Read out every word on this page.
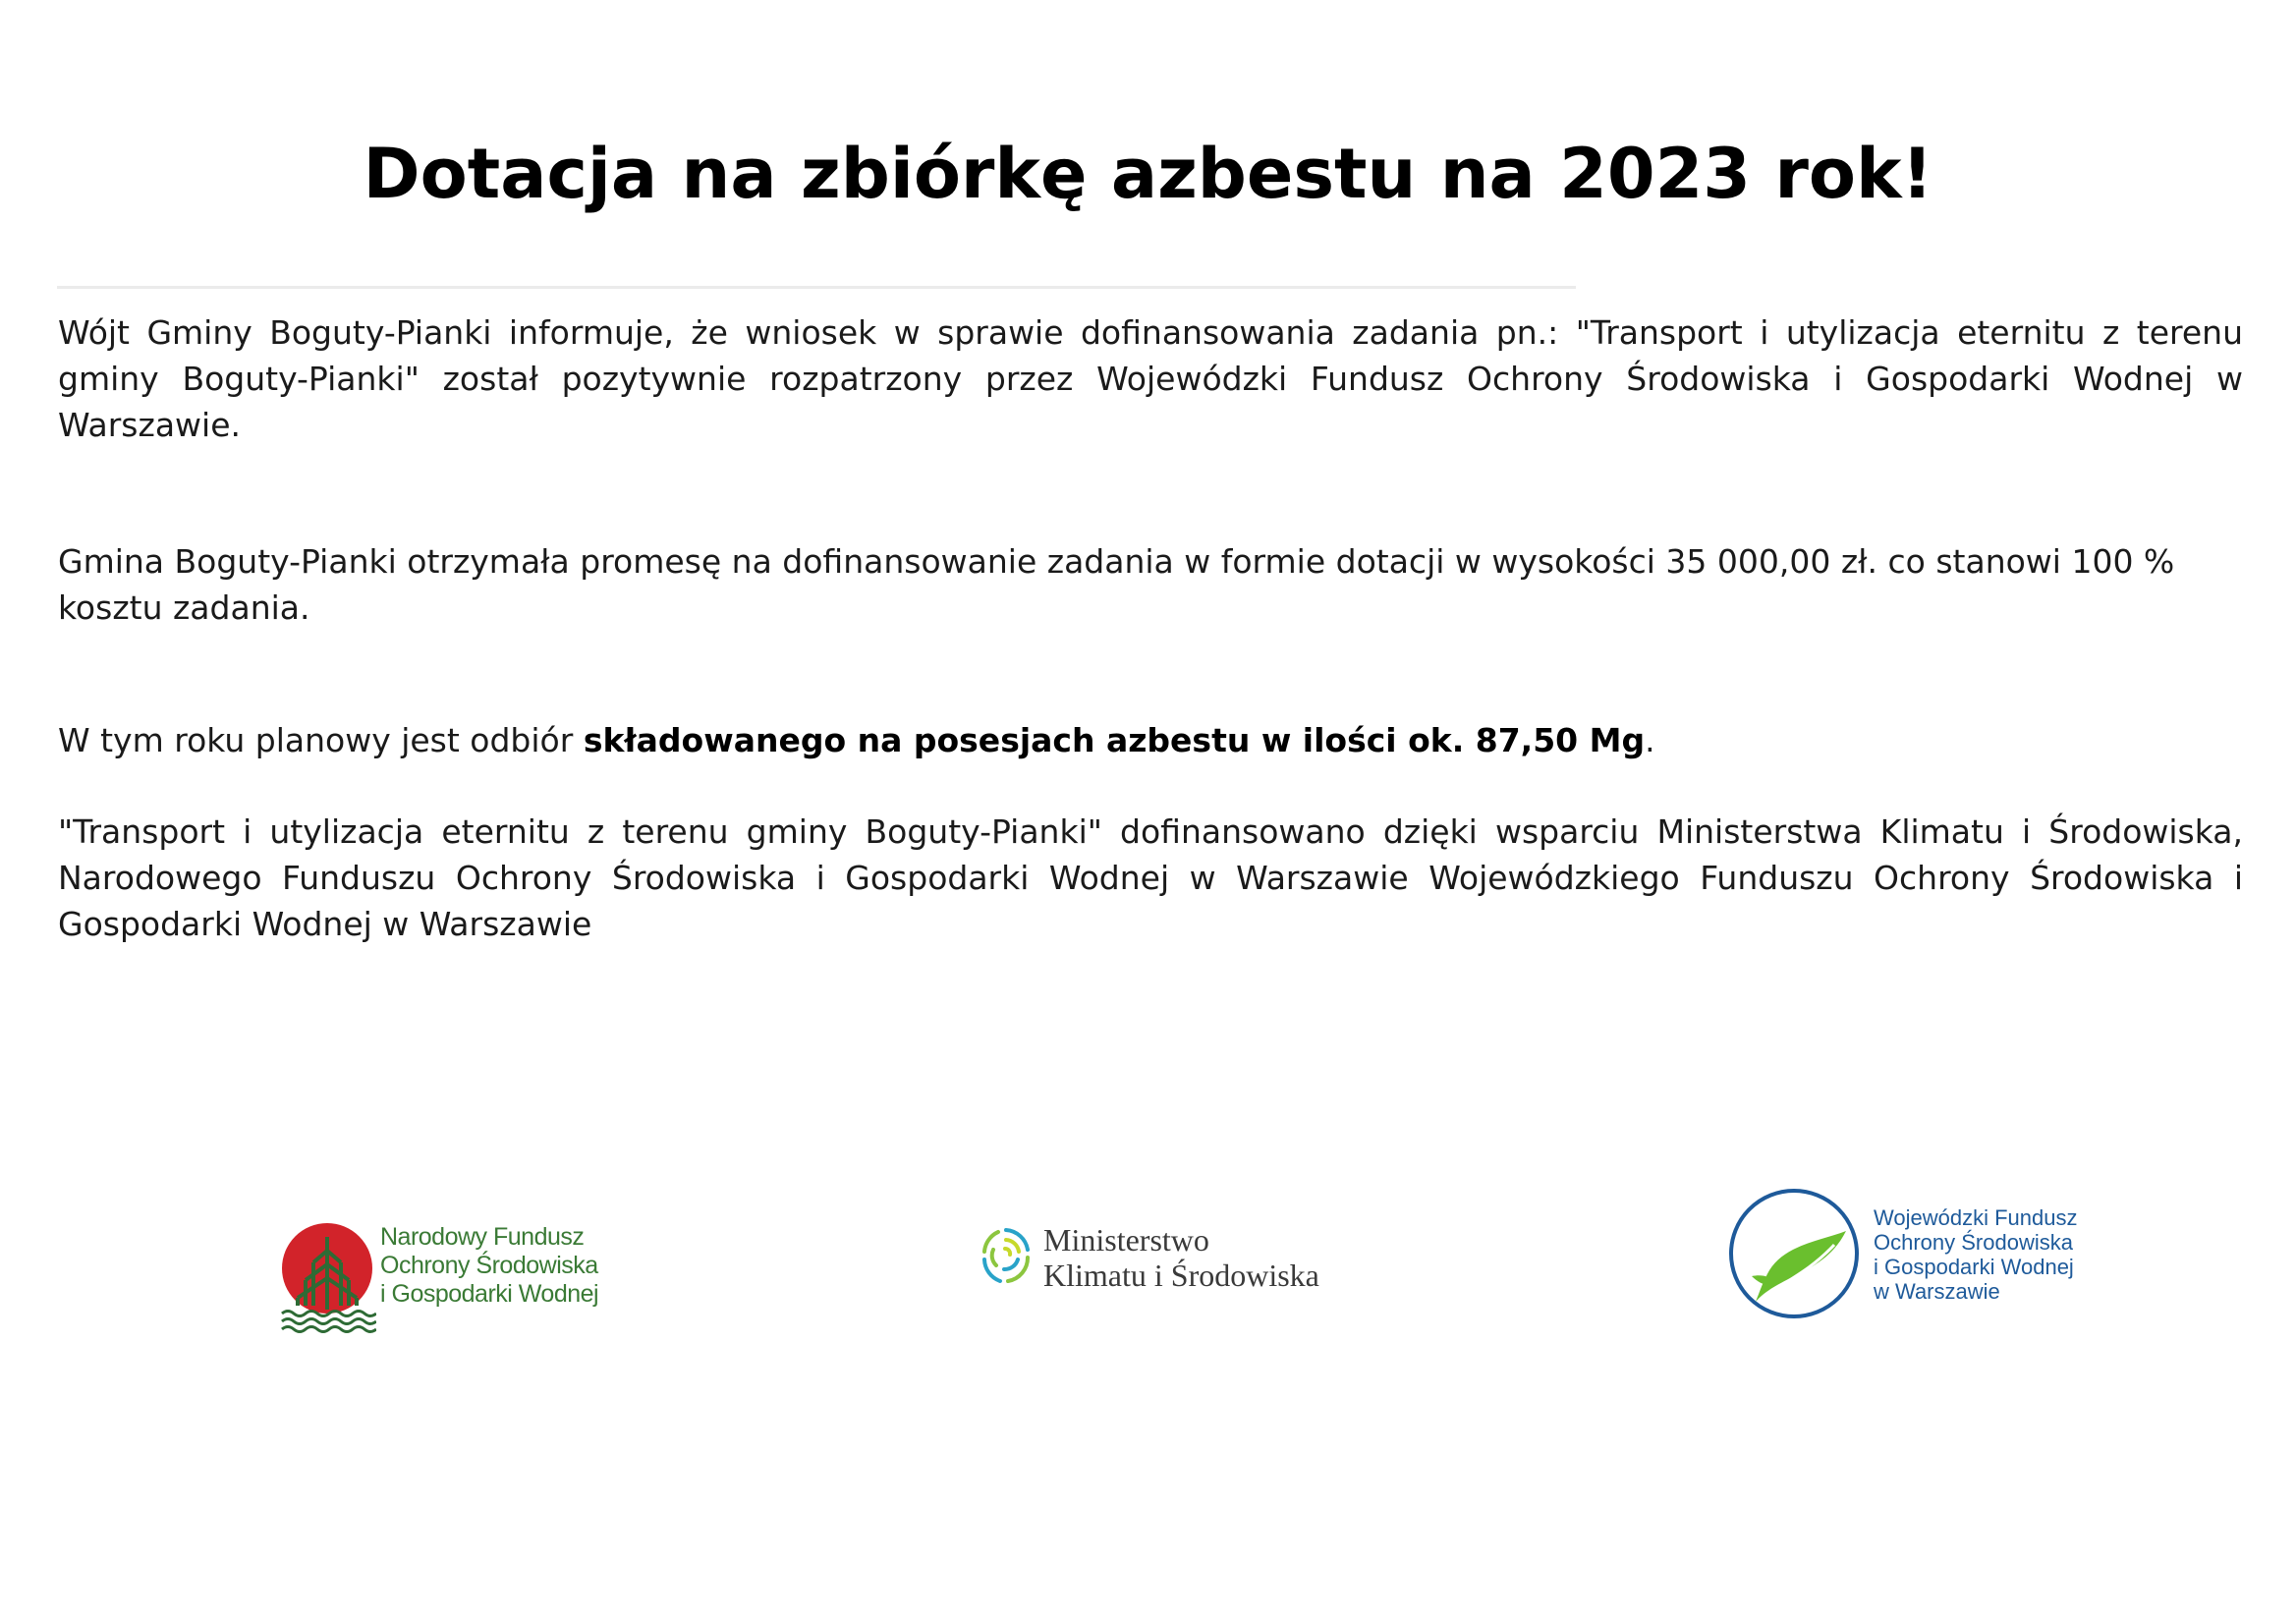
Dotacja na zbiórkę azbestu na 2023 rok!

Wójt Gminy Boguty-Pianki informuje, że wniosek w sprawie dofinansowania zadania pn.: "Transport i utylizacja eternitu z terenu gminy Boguty-Pianki" został pozytywnie rozpatrzony przez Wojewódzki Fundusz Ochrony Środowiska i Gospodarki Wodnej w Warszawie.

Gmina Boguty-Pianki otrzymała promesę na dofinansowanie zadania w formie dotacji w wysokości 35 000,00 zł. co stanowi 100 % kosztu zadania.

W tym roku planowy jest odbiór składowanego na posesjach azbestu w ilości ok. 87,50 Mg.

"Transport i utylizacja eternitu z terenu gminy Boguty-Pianki" dofinansowano dzięki wsparciu Ministerstwa Klimatu i Środowiska, Narodowego Funduszu Ochrony Środowiska i Gospodarki Wodnej w Warszawie Wojewódzkiego Funduszu Ochrony Środowiska i Gospodarki Wodnej w Warszawie

Narodowy Fundusz
Ochrony Środowiska
i Gospodarki Wodnej
Ministerstwo
Klimatu i Środowiska
Wojewódzki Fundusz
Ochrony Środowiska
i Gospodarki Wodnej
w Warszawie
